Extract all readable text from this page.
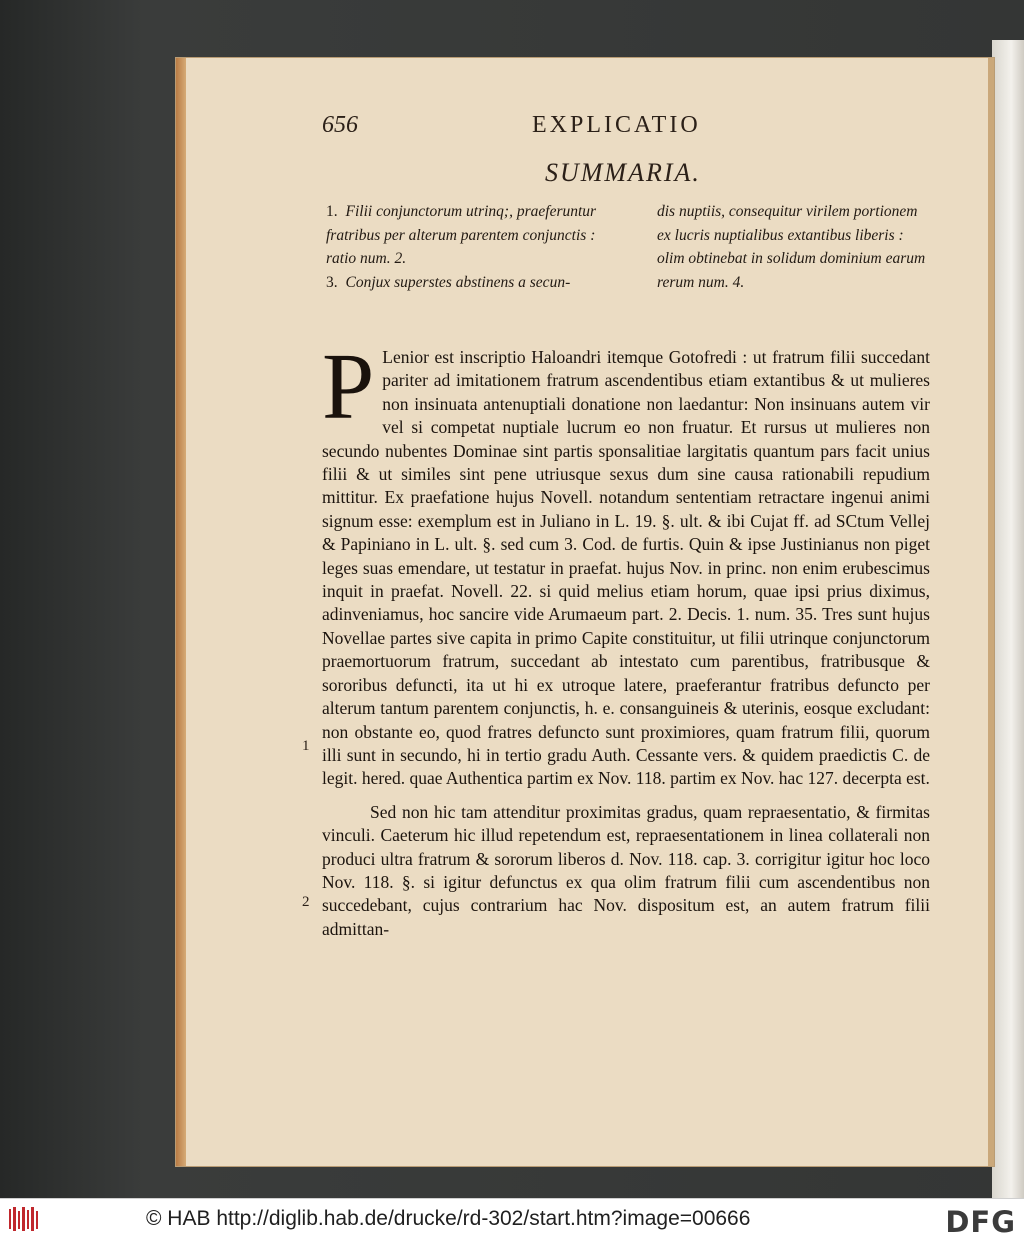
656	EXPLICATIO
SUMMARIA.

1. Filii conjunctorum utrinq;, praeferuntur fratribus per alterum parentem conjunctis : ratio num. 2.

3. Conjux superstes abstinens a secun-

dis nuptiis, consequitur virilem portionem ex lucris nuptialibus extantibus liberis : olim obtinebat in solidum dominium earum rerum num. 4.

P Lenior est inscriptio Haloandri itemque Gotofredi : ut fratrum filii succedant pariter ad imitationem fratrum ascendentibus etiam extantibus & ut mulieres non insinuata antenuptiali donatione non laedantur: Non insinuans autem vir vel si competat nuptiale lucrum eo non fruatur. Et rursus ut mulieres non secundo nubentes Dominae sint partis sponsalitiae largitatis quantum pars facit unius filii & ut similes sint pene utriusque sexus dum sine causa rationabili repudium mittitur. Ex praefatione hujus Novell. notandum sententiam retractare ingenui animi signum esse: exemplum est in Juliano in L. 19. §. ult. & ibi Cujat ff. ad SCtum Vellej & Papiniano in L. ult. §. sed cum 3. Cod. de furtis. Quin & ipse Justinianus non piget leges suas emendare, ut testatur in praefat. hujus Nov. in princ. non enim erubescimus inquit in praefat. Novell. 22. si quid melius etiam horum, quae ipsi prius diximus, adinveniamus, hoc sancire vide Arumaeum part. 2. Decis. 1. num. 35. Tres sunt hujus Novellae partes sive capita in primo Capite constituitur, ut filii utrinque conjunctorum praemortuorum fratrum, succedant ab intestato cum parentibus, fratribusque & sororibus defuncti, ita ut hi ex utroque latere, praeferantur fratribus defuncto per alterum tantum parentem conjunctis, h. e. consanguineis & uterinis, eosque excludant: non obstante eo, quod fratres defuncto sunt proximiores, quam fratrum filii, quorum illi sunt in secundo, hi in tertio gradu Auth. Cessante vers. & quidem praedictis C. de legit. hered. quae Authentica partim ex Nov. 118. partim ex Nov. hac 127. decerpta est.

Sed non hic tam attenditur proximitas gradus, quam repraesentatio, & firmitas vinculi. Caeterum hic illud repetendum est, repraesentationem in linea collaterali non produci ultra fratrum & sororum liberos d. Nov. 118. cap. 3. corrigitur igitur hoc loco Nov. 118. §. si igitur defunctus ex qua olim fratrum filii cum ascendentibus non succedebant, cujus contrarium hac Nov. dispositum est, an autem fratrum filii admittan-

1
2
© HAB http://diglib.hab.de/drucke/rd-302/start.htm?image=00666	DFG
